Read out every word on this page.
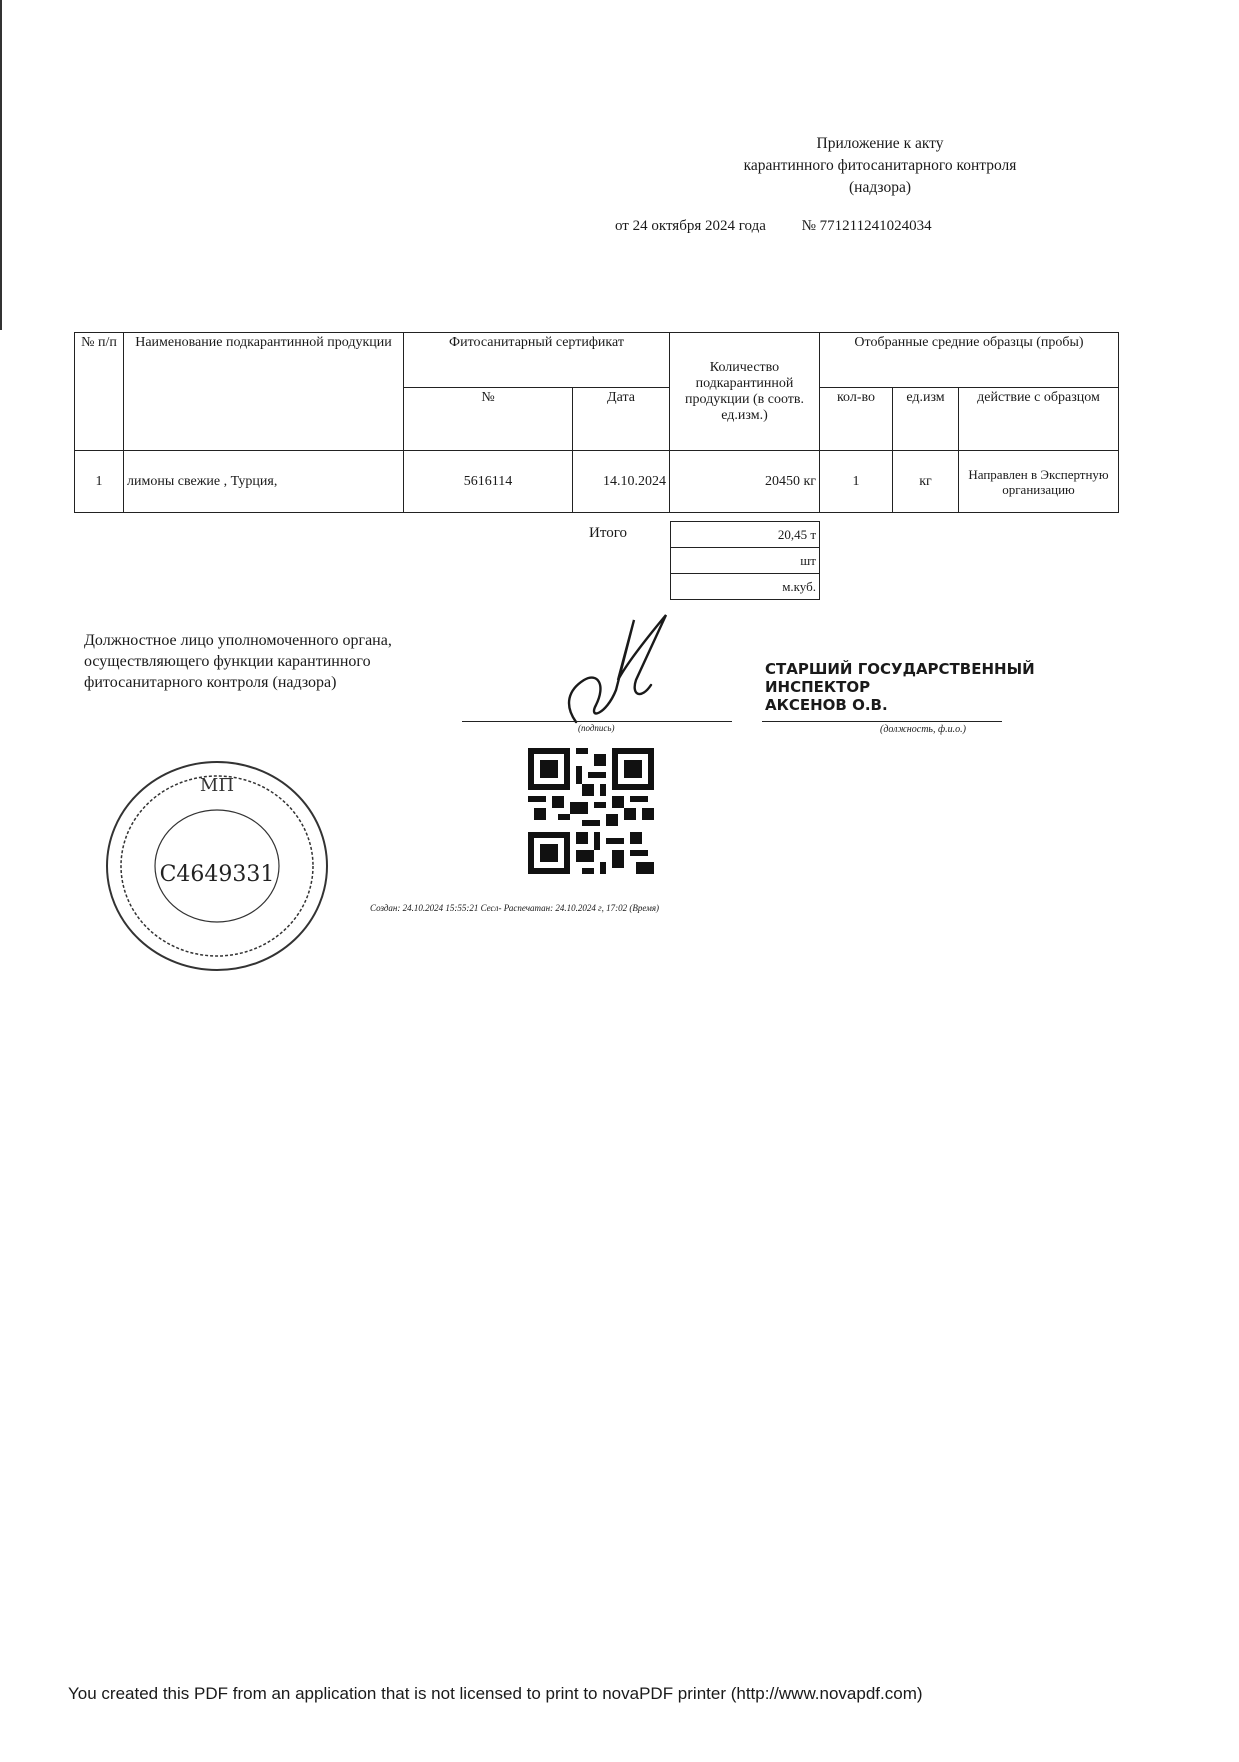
Приложение к акту
карантинного фитосанитарного контроля
(надзора)
от 24 октября 2024 года № 771211241024034
№ п/п	Наименование подкарантинной продукции	Фитосанитарный сертификат		Количество подкарантинной продукции (в соотв. ед.изм.)	Отобранные средние образцы (пробы)		
		№	Дата		кол-во	ед.изм	действие с образцом
1	лимоны свежие , Турция,	5616114	14.10.2024	20450 кг	1	кг	Направлен в Экспертную организацию
Итого	20,45 т
шт
м.куб.
Должностное лицо уполномоченного органа,
осуществляющего функции карантинного
фитосанитарного контроля (надзора)
(подпись)
СТАРШИЙ ГОСУДАРСТВЕННЫЙ
ИНСПЕКТОР
АКСЕНОВ О.В.
(должность, ф.и.о.)
МП
С4649331
Создан: 24.10.2024 15:55:21 Сесл- Распечатан: 24.10.2024 г, 17:02 (Время)
You created this PDF from an application that is not licensed to print to novaPDF printer (http://www.novapdf.com)
